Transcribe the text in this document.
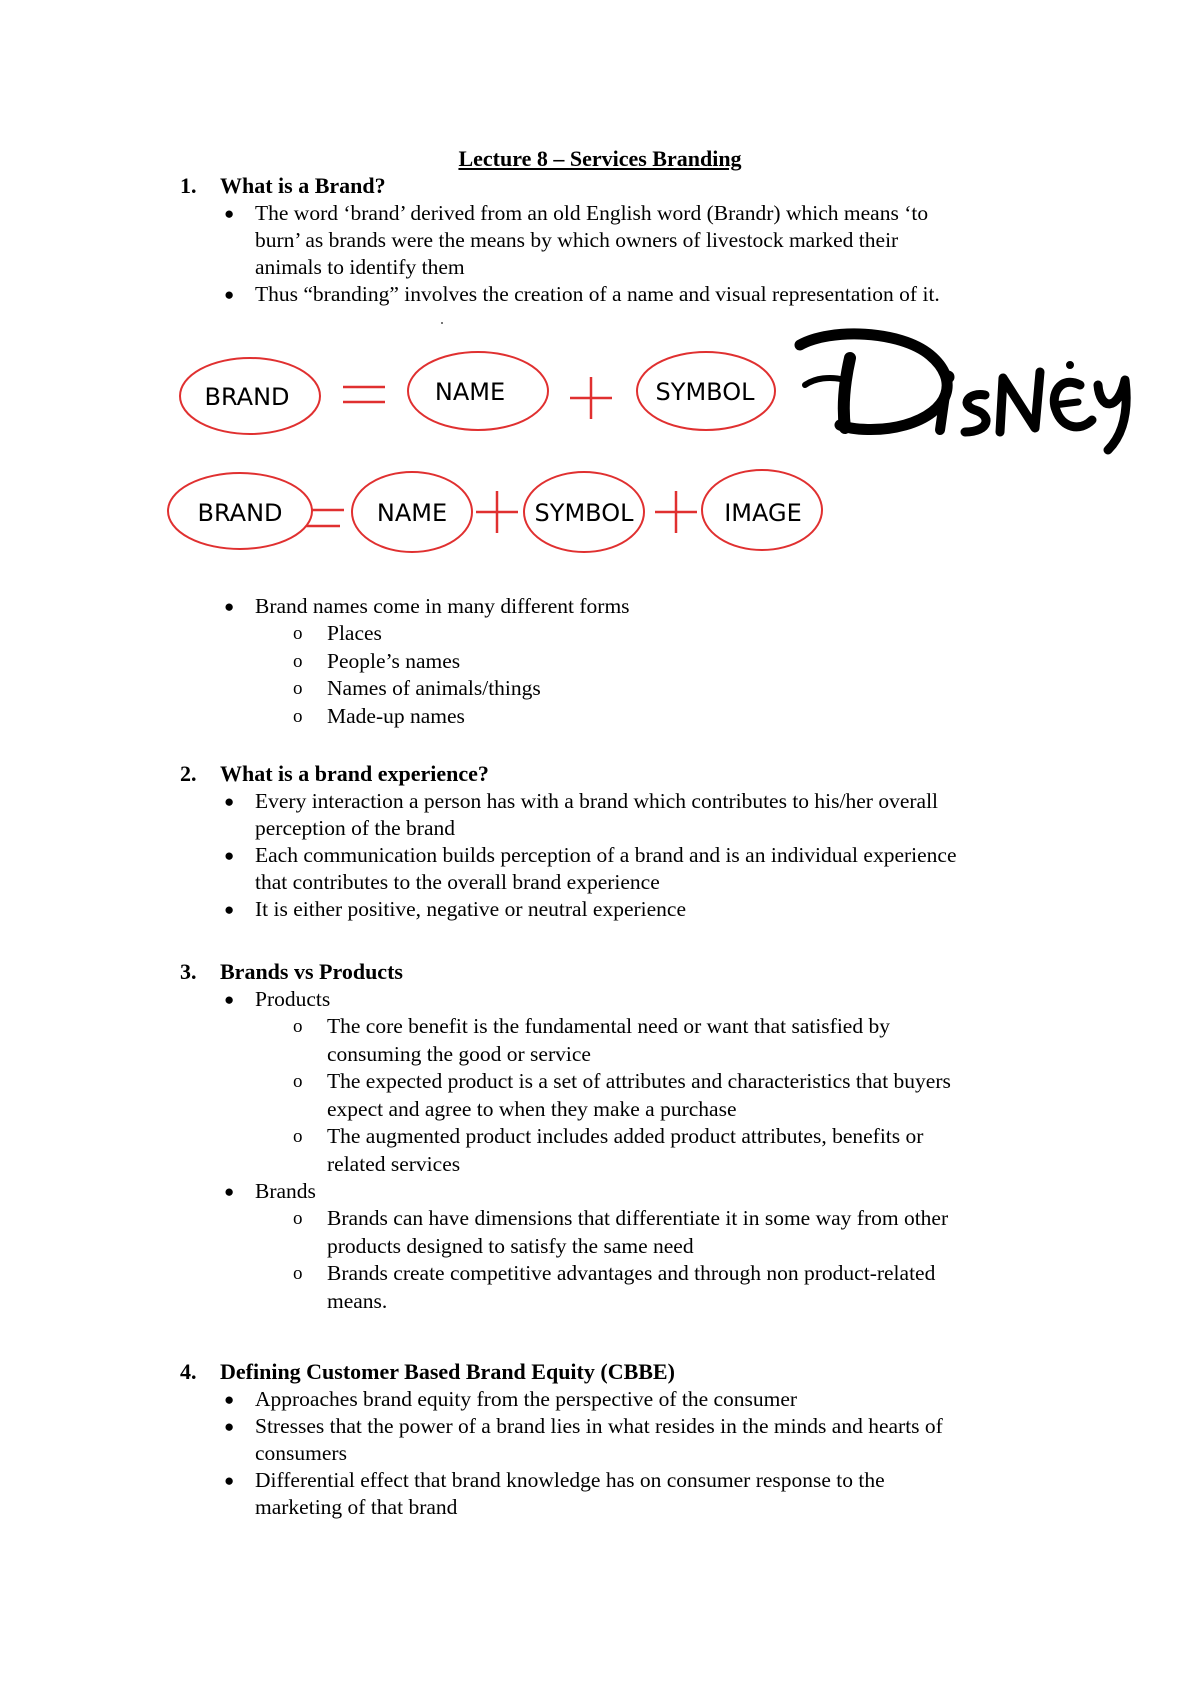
Lecture 8 – Services Branding
1. What is a Brand?
● The word ‘brand’ derived from an old English word (Brandr) which means ‘to
burn’ as brands were the means by which owners of livestock marked their
animals to identify them
● Thus “branding” involves the creation of a name and visual representation of it.
BRAND	NAME	SYMBOL
BRAND	NAME	SYMBOL	IMAGE
● Brand names come in many different forms
o Places
o People’s names
o Names of animals/things
o Made-up names
2. What is a brand experience?
● Every interaction a person has with a brand which contributes to his/her overall
perception of the brand
● Each communication builds perception of a brand and is an individual experience
that contributes to the overall brand experience
● It is either positive, negative or neutral experience
3. Brands vs Products
● Products
o The core benefit is the fundamental need or want that satisfied by
consuming the good or service
o The expected product is a set of attributes and characteristics that buyers
expect and agree to when they make a purchase
o The augmented product includes added product attributes, benefits or
related services
● Brands
o Brands can have dimensions that differentiate it in some way from other
products designed to satisfy the same need
o Brands create competitive advantages and through non product-related
means.
4. Defining Customer Based Brand Equity (CBBE)
● Approaches brand equity from the perspective of the consumer
● Stresses that the power of a brand lies in what resides in the minds and hearts of
consumers
● Differential effect that brand knowledge has on consumer response to the
marketing of that brand
